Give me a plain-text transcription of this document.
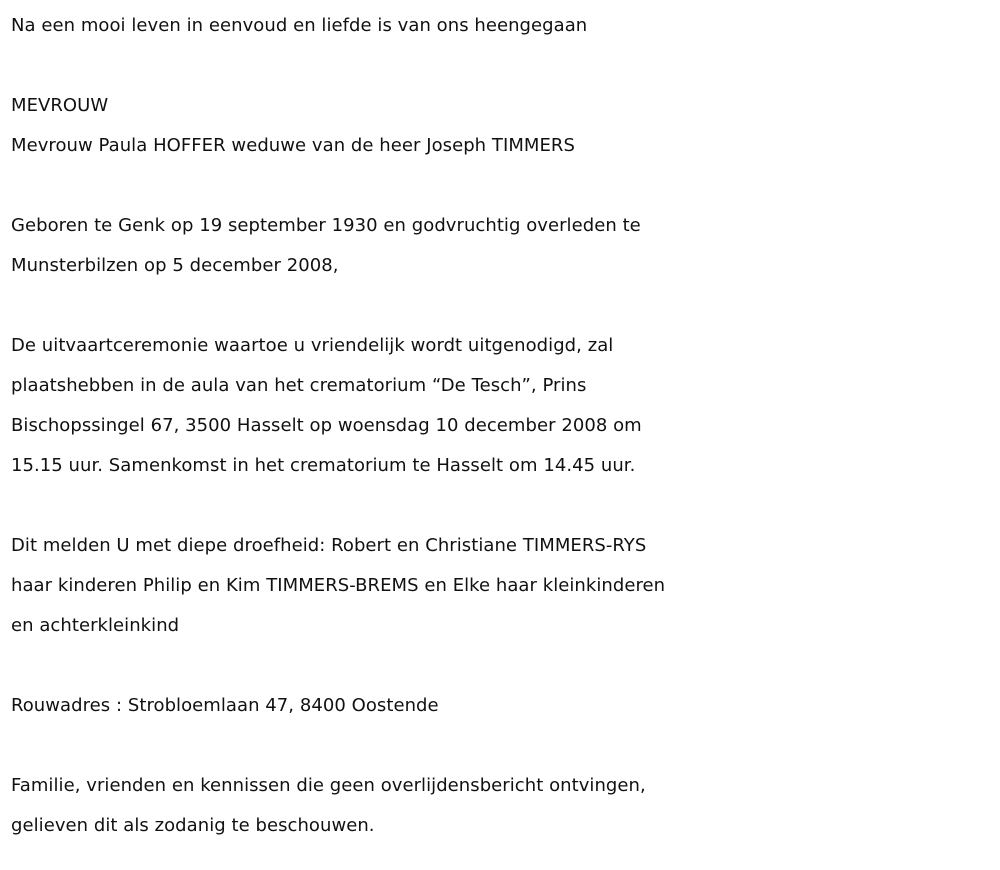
Na een mooi leven in eenvoud en liefde is van ons heengegaan
MEVROUW
Mevrouw Paula HOFFER weduwe van de heer Joseph TIMMERS
Geboren te Genk op 19 september 1930 en godvruchtig overleden te
Munsterbilzen op 5 december 2008,
De uitvaartceremonie waartoe u vriendelijk wordt uitgenodigd, zal
plaatshebben in de aula van het crematorium “De Tesch”, Prins
Bischopssingel 67, 3500 Hasselt op woensdag 10 december 2008 om
15.15 uur. Samenkomst in het crematorium te Hasselt om 14.45 uur.
Dit melden U met diepe droefheid: Robert en Christiane TIMMERS-RYS
haar kinderen Philip en Kim TIMMERS-BREMS en Elke haar kleinkinderen
en achterkleinkind
Rouwadres : Strobloemlaan 47, 8400 Oostende
Familie, vrienden en kennissen die geen overlijdensbericht ontvingen,
gelieven dit als zodanig te beschouwen.
